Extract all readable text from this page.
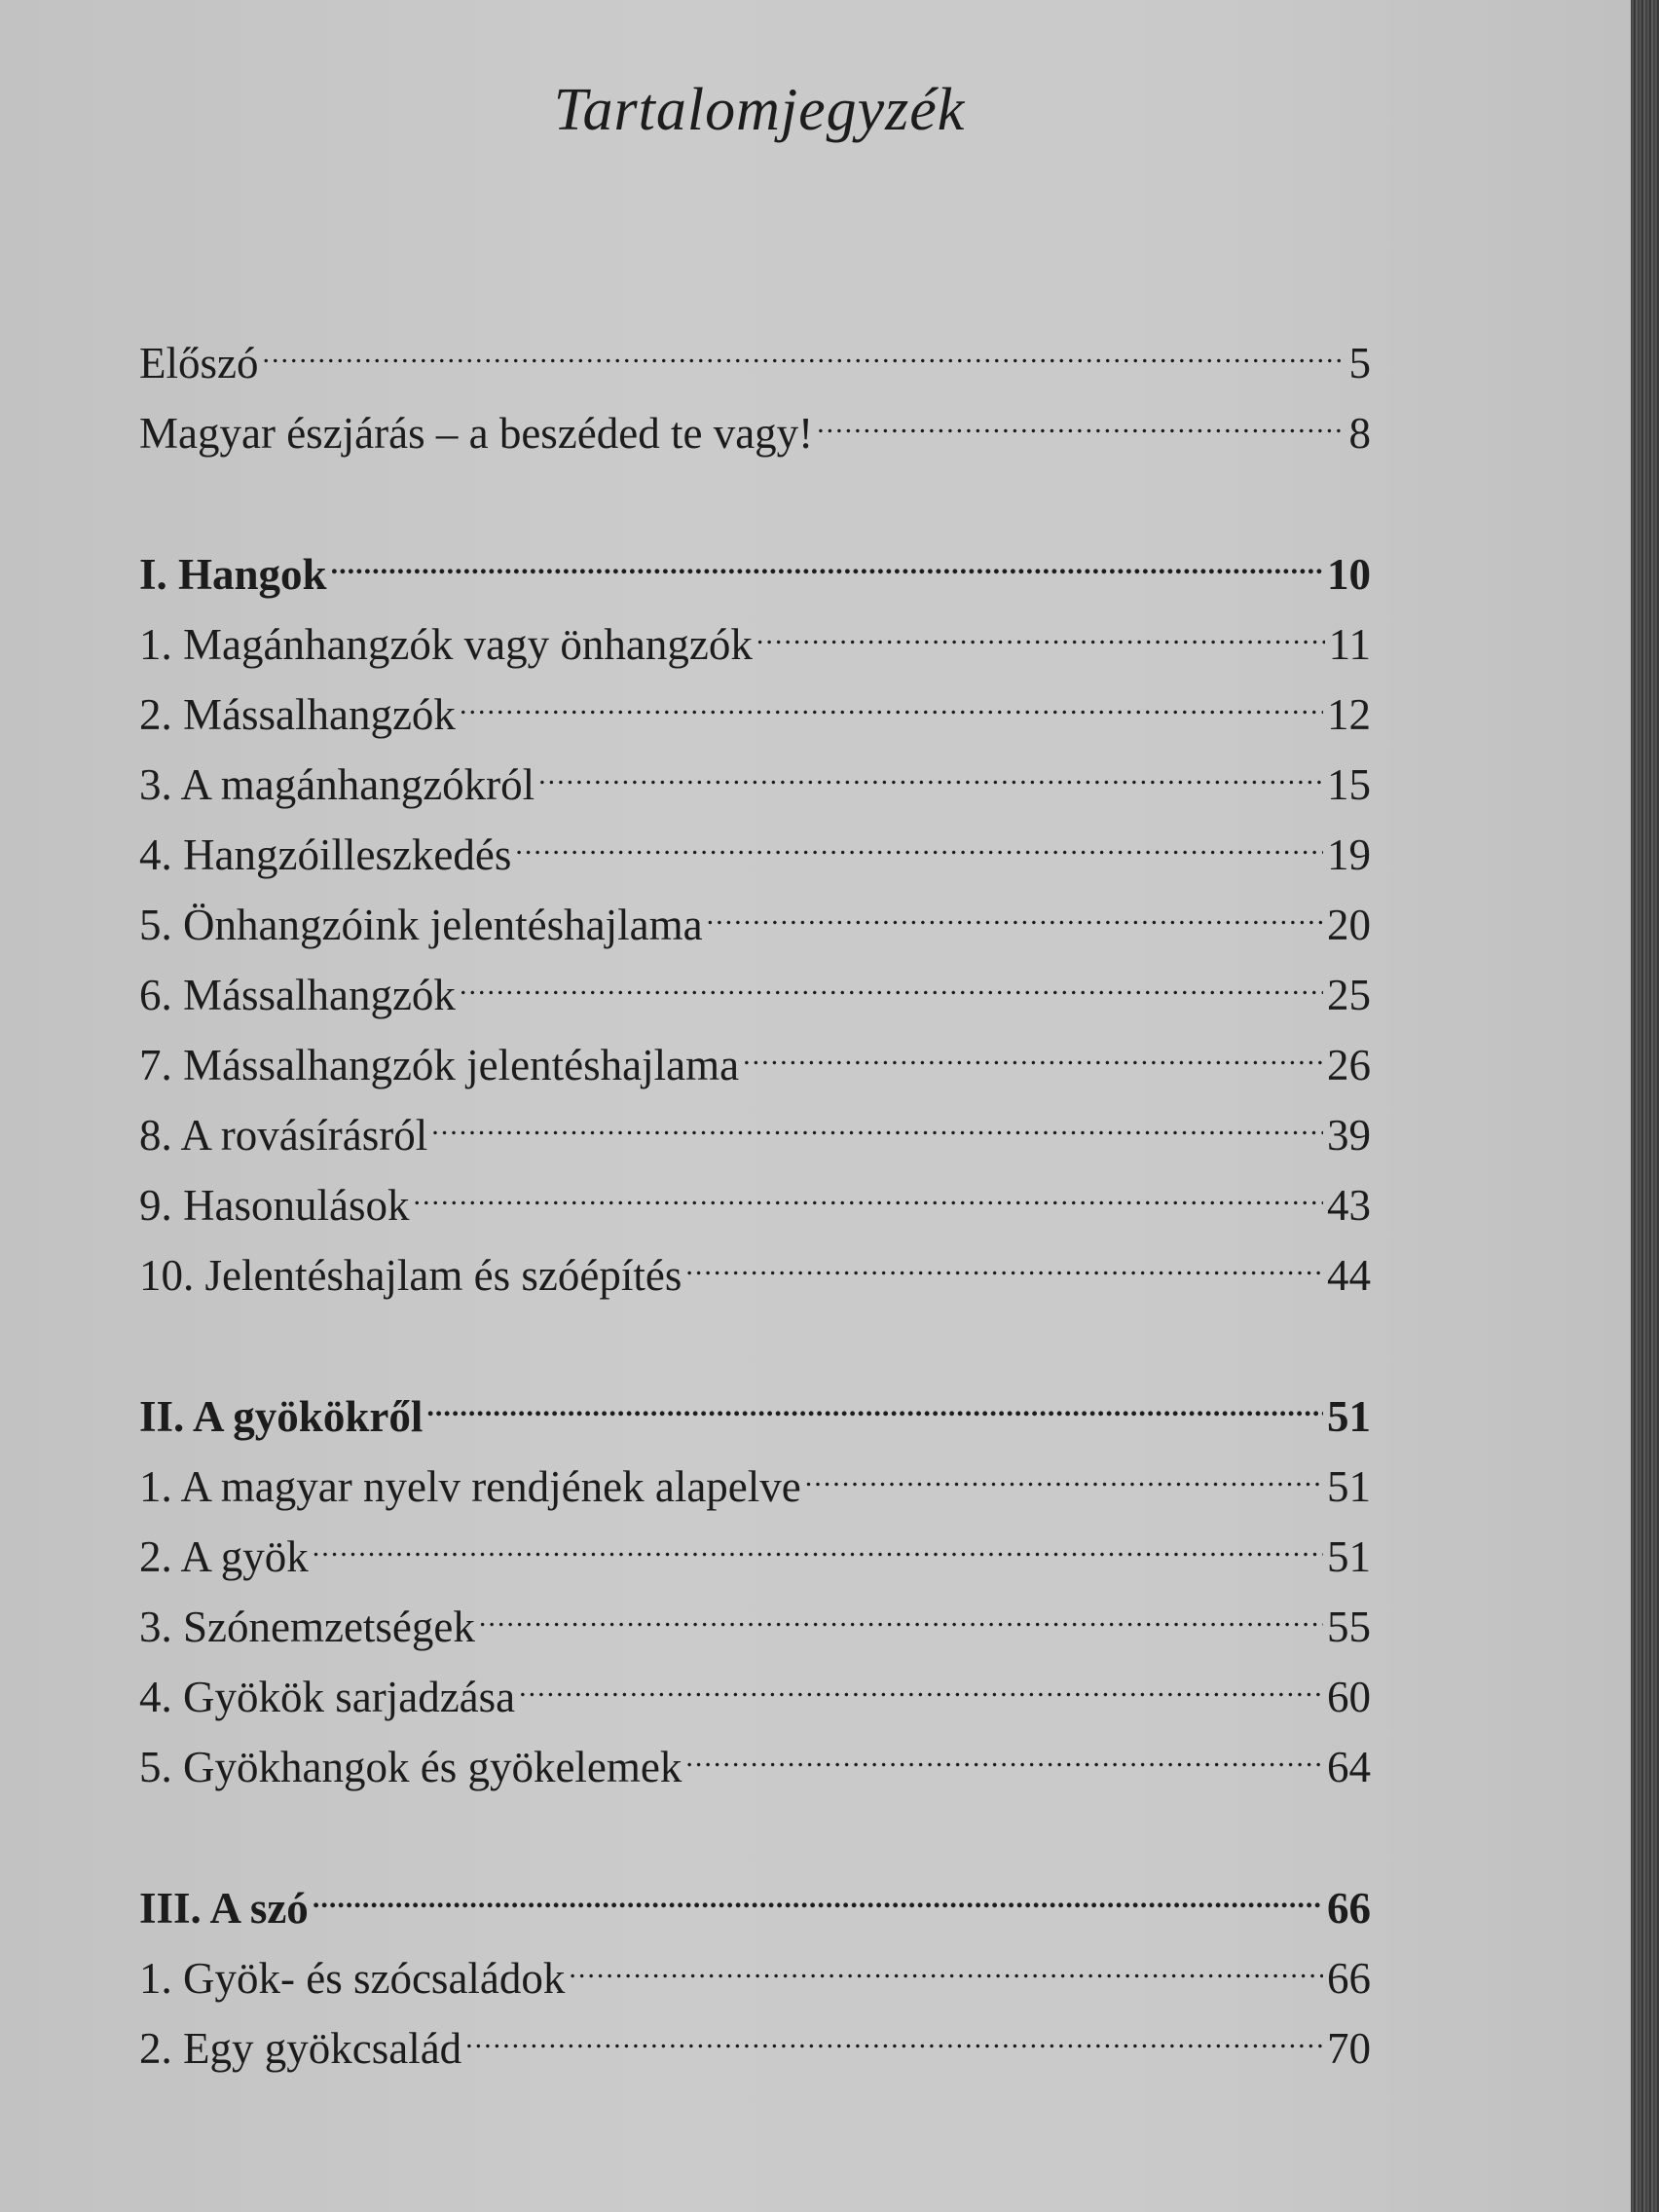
Tartalomjegyzék
Előszó .....	5
Magyar észjárás – a beszéded te vagy! .....	8
I. Hangok .....	10
1. Magánhangzók vagy önhangzók .....	11
2. Mássalhangzók .....	12
3. A magánhangzókról .....	15
4. Hangzóilleszkedés .....	19
5. Önhangzóink jelentéshajlama .....	20
6. Mássalhangzók .....	25
7. Mássalhangzók jelentéshajlama .....	26
8. A rovásírásról .....	39
9. Hasonulások .....	43
10. Jelentéshajlam és szóépítés .....	44
II. A gyökökről .....	51
1. A magyar nyelv rendjének alapelve .....	51
2. A gyök .....	51
3. Szónemzetségek .....	55
4. Gyökök sarjadzása .....	60
5. Gyökhangok és gyökelemek .....	64
III. A szó .....	66
1. Gyök- és szócsaládok .....	66
2. Egy gyökcsalád .....	70
